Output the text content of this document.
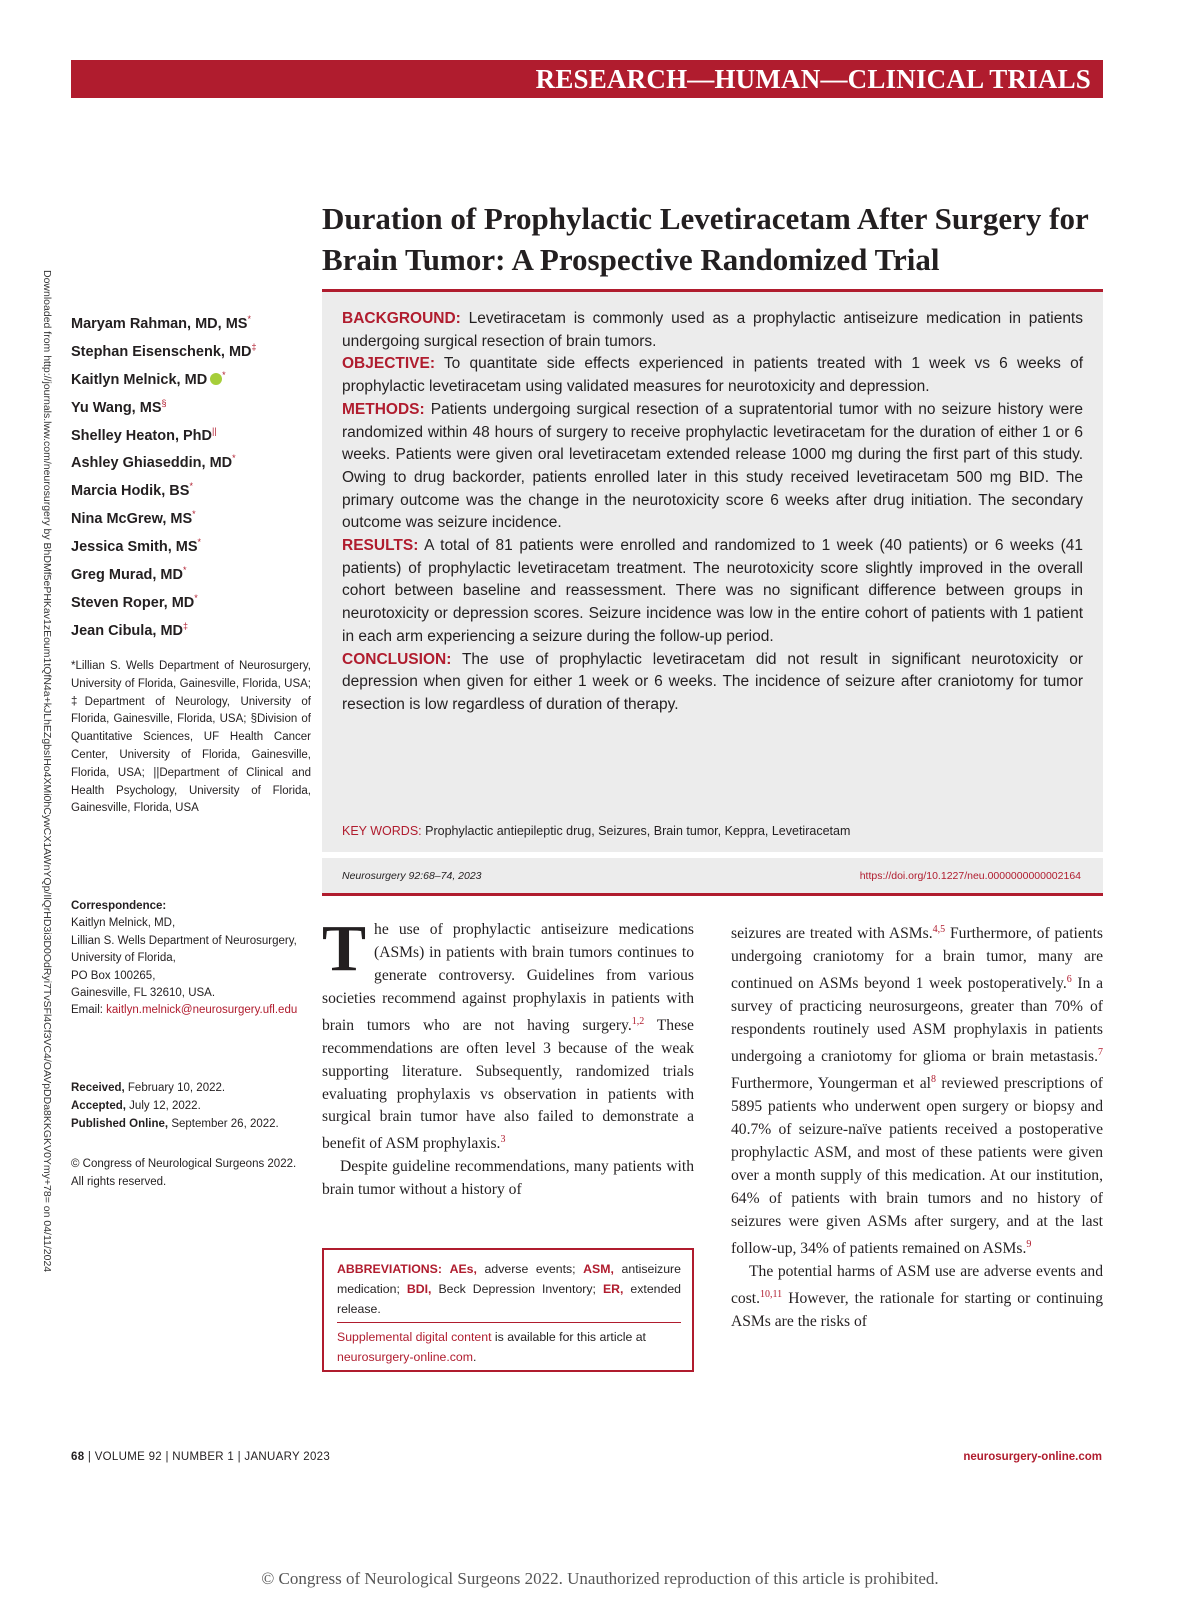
RESEARCH—HUMAN—CLINICAL TRIALS
Downloaded from http://journals.lww.com/neurosurgery by BhDMf5ePHKav1zEoum1tQfN4a+kJLhEZgbsIHo4XMi0hCywCX1AWnYQp/IlQrHD3i3D0OdRyi7TvSFl4Cf3VC4/OAVpDDa8KKGKV0Ymy+78= on 04/11/2024
Duration of Prophylactic Levetiracetam After Surgery for Brain Tumor: A Prospective Randomized Trial
Maryam Rahman, MD, MS*
Stephan Eisenschenk, MD‡
Kaitlyn Melnick, MD *
Yu Wang, MS§
Shelley Heaton, PhD||
Ashley Ghiaseddin, MD*
Marcia Hodik, BS*
Nina McGrew, MS*
Jessica Smith, MS*
Greg Murad, MD*
Steven Roper, MD*
Jean Cibula, MD‡
*Lillian S. Wells Department of Neurosurgery, University of Florida, Gainesville, Florida, USA; ‡Department of Neurology, University of Florida, Gainesville, Florida, USA; §Division of Quantitative Sciences, UF Health Cancer Center, University of Florida, Gainesville, Florida, USA; ||Department of Clinical and Health Psychology, University of Florida, Gainesville, Florida, USA
Correspondence:
Kaitlyn Melnick, MD,
Lillian S. Wells Department of Neurosurgery,
University of Florida,
PO Box 100265,
Gainesville, FL 32610, USA.
Email: kaitlyn.melnick@neurosurgery.ufl.edu
Received, February 10, 2022.
Accepted, July 12, 2022.
Published Online, September 26, 2022.
© Congress of Neurological Surgeons 2022. All rights reserved.
BACKGROUND: Levetiracetam is commonly used as a prophylactic antiseizure medication in patients undergoing surgical resection of brain tumors.
OBJECTIVE: To quantitate side effects experienced in patients treated with 1 week vs 6 weeks of prophylactic levetiracetam using validated measures for neurotoxicity and depression.
METHODS: Patients undergoing surgical resection of a supratentorial tumor with no seizure history were randomized within 48 hours of surgery to receive prophylactic levetiracetam for the duration of either 1 or 6 weeks. Patients were given oral levetiracetam extended release 1000 mg during the first part of this study. Owing to drug backorder, patients enrolled later in this study received levetiracetam 500 mg BID. The primary outcome was the change in the neurotoxicity score 6 weeks after drug initiation. The secondary outcome was seizure incidence.
RESULTS: A total of 81 patients were enrolled and randomized to 1 week (40 patients) or 6 weeks (41 patients) of prophylactic levetiracetam treatment. The neurotoxicity score slightly improved in the overall cohort between baseline and reassessment. There was no significant difference between groups in neurotoxicity or depression scores. Seizure incidence was low in the entire cohort of patients with 1 patient in each arm experiencing a seizure during the follow-up period.
CONCLUSION: The use of prophylactic levetiracetam did not result in significant neurotoxicity or depression when given for either 1 week or 6 weeks. The incidence of seizure after craniotomy for tumor resection is low regardless of duration of therapy.
KEY WORDS: Prophylactic antiepileptic drug, Seizures, Brain tumor, Keppra, Levetiracetam
Neurosurgery 92:68–74, 2023	https://doi.org/10.1227/neu.0000000000002164

The use of prophylactic antiseizure medications (ASMs) in patients with brain tumors continues to generate controversy. Guidelines from various societies recommend against prophylaxis in patients with brain tumors who are not having surgery.$^{1,2}$ These recommendations are often level 3 because of the weak supporting literature. Subsequently, randomized trials evaluating prophylaxis vs observation in patients with surgical brain tumor have also failed to demonstrate a benefit of ASM prophylaxis.$^3$

Despite guideline recommendations, many patients with brain tumor without a history of

ABBREVIATIONS: AEs, adverse events; ASM, antiseizure medication; BDI, Beck Depression Inventory; ER, extended release.
Supplemental digital content is available for this article at neurosurgery-online.com.

seizures are treated with ASMs.$^{4,5}$ Furthermore, of patients undergoing craniotomy for a brain tumor, many are continued on ASMs beyond 1 week postoperatively.$^6$ In a survey of practicing neurosurgeons, greater than 70% of respondents routinely used ASM prophylaxis in patients undergoing a craniotomy for glioma or brain metastasis.$^7$ Furthermore, Youngerman et $al^8$ reviewed prescriptions of 5895 patients who underwent open surgery or biopsy and 40.7% of seizure-naïve patients received a postoperative prophylactic ASM, and most of these patients were given over a month supply of this medication. At our institution, 64% of patients with brain tumors and no history of seizures were given ASMs after surgery, and at the last follow-up, 34% of patients remained on ASMs.$^9$

The potential harms of ASM use are adverse events and cost.$^{10,11}$ However, the rationale for starting or continuing ASMs are the risks of

68 | VOLUME 92 | NUMBER 1 | JANUARY 2023	neurosurgery-online.com
© Congress of Neurological Surgeons 2022. Unauthorized reproduction of this article is prohibited.
